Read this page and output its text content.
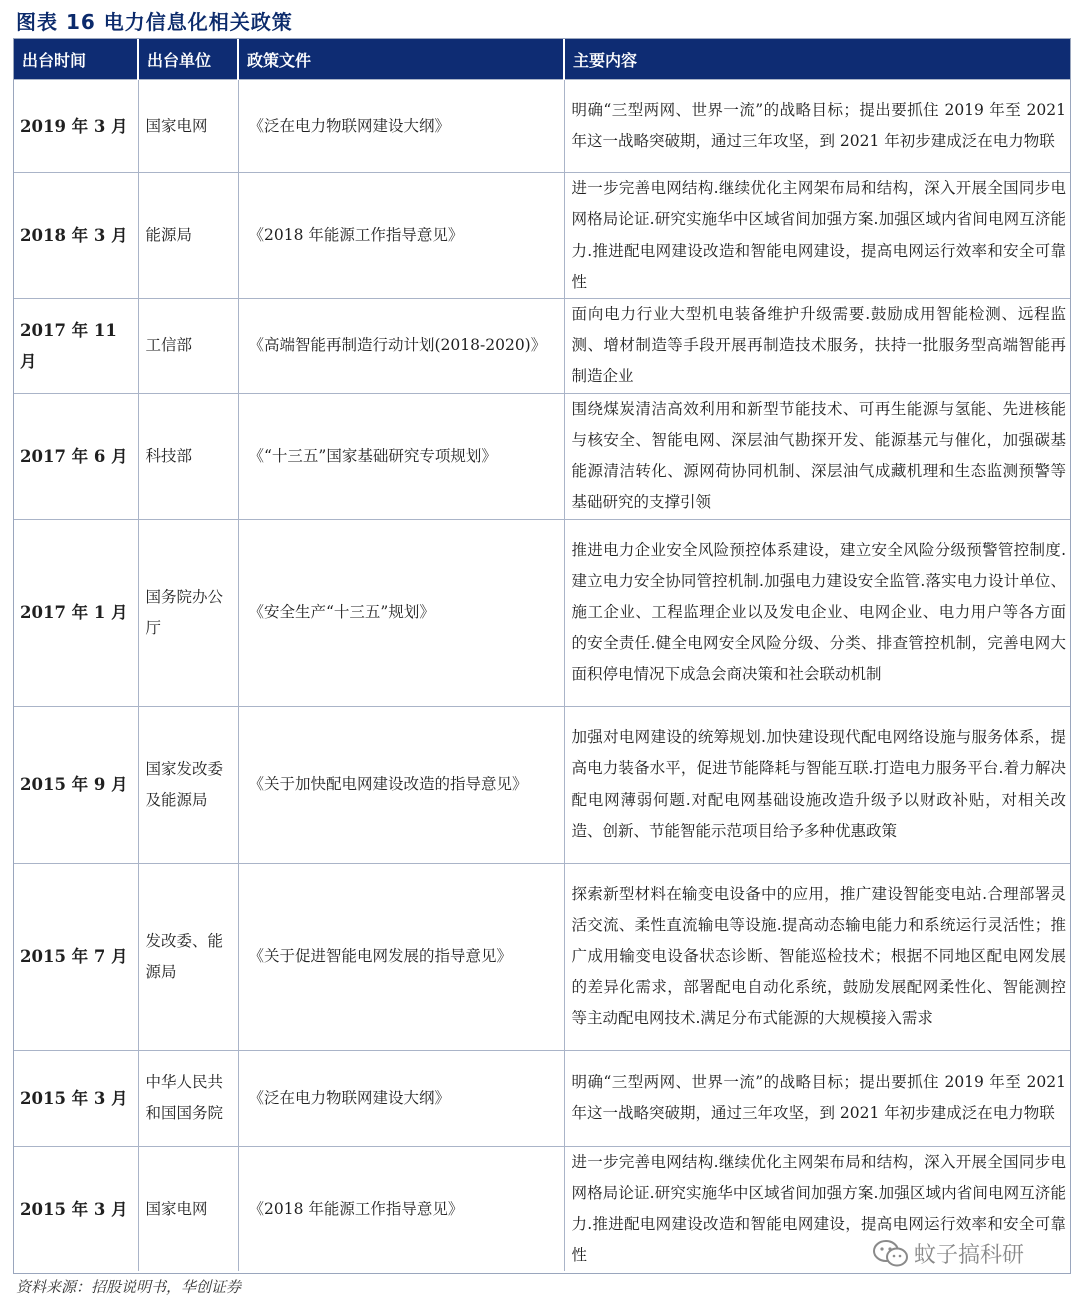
图表 16 电力信息化相关政策
出台时间	出台单位	政策文件	主要内容
2019 年 3 月	国家电网	《泛在电力物联网建设大纲》	明确“三型两网、世界一流”的战略目标；提出要抓住 2019 年至 2021 年这一战略突破期，通过三年攻坚，到 2021 年初步建成泛在电力物联
2018 年 3 月	能源局	《2018 年能源工作指导意见》	进一步完善电网结构.继续优化主网架布局和结构，深入开展全国同步电网格局论证.研究实施华中区域省间加强方案.加强区域内省间电网互济能力.推进配电网建设改造和智能电网建设，提高电网运行效率和安全可靠性
2017 年 11 月	工信部	《高端智能再制造行动计划(2018-2020)》	面向电力行业大型机电装备维护升级需要.鼓励成用智能检测、远程监测、增材制造等手段开展再制造技术服务，扶持一批服务型高端智能再制造企业
2017 年 6 月	科技部	《“十三五”国家基础研究专项规划》	围绕煤炭清洁高效利用和新型节能技术、可再生能源与氢能、先进核能与核安全、智能电网、深层油气勘探开发、能源基元与催化，加强碳基能源清洁转化、源网荷协同机制、深层油气成藏机理和生态监测预警等基础研究的支撑引领
2017 年 1 月	国务院办公厅	《安全生产“十三五”规划》	推进电力企业安全风险预控体系建设，建立安全风险分级预警管控制度.建立电力安全协同管控机制.加强电力建设安全监管.落实电力设计单位、施工企业、工程监理企业以及发电企业、电网企业、电力用户等各方面的安全责任.健全电网安全风险分级、分类、排查管控机制，完善电网大面积停电情况下成急会商决策和社会联动机制
2015 年 9 月	国家发改委及能源局	《关于加快配电网建设改造的指导意见》	加强对电网建设的统筹规划.加快建设现代配电网络设施与服务体系，提高电力装备水平，促进节能降耗与智能互联.打造电力服务平台.着力解决配电网薄弱何题.对配电网基础设施改造升级予以财政补贴，对相关改造、创新、节能智能示范项目给予多种优惠政策
2015 年 7 月	发改委、能源局	《关于促进智能电网发展的指导意见》	探索新型材料在输变电设备中的应用，推广建设智能变电站.合理部署灵活交流、柔性直流输电等设施.提高动态输电能力和系统运行灵活性；推广成用输变电设备状态诊断、智能巡检技术；根据不同地区配电网发展的差异化需求，部署配电自动化系统，鼓励发展配网柔性化、智能测控等主动配电网技术.满足分布式能源的大规模接入需求
2015 年 3 月	中华人民共和国国务院	《泛在电力物联网建设大纲》	明确“三型两网、世界一流”的战略目标；提出要抓住 2019 年至 2021 年这一战略突破期，通过三年攻坚，到 2021 年初步建成泛在电力物联
2015 年 3 月	国家电网	《2018 年能源工作指导意见》	进一步完善电网结构.继续优化主网架布局和结构，深入开展全国同步电网格局论证.研究实施华中区域省间加强方案.加强区域内省间电网互济能力.推进配电网建设改造和智能电网建设，提高电网运行效率和安全可靠性	蚊子搞科研
资料来源：招股说明书，华创证券
